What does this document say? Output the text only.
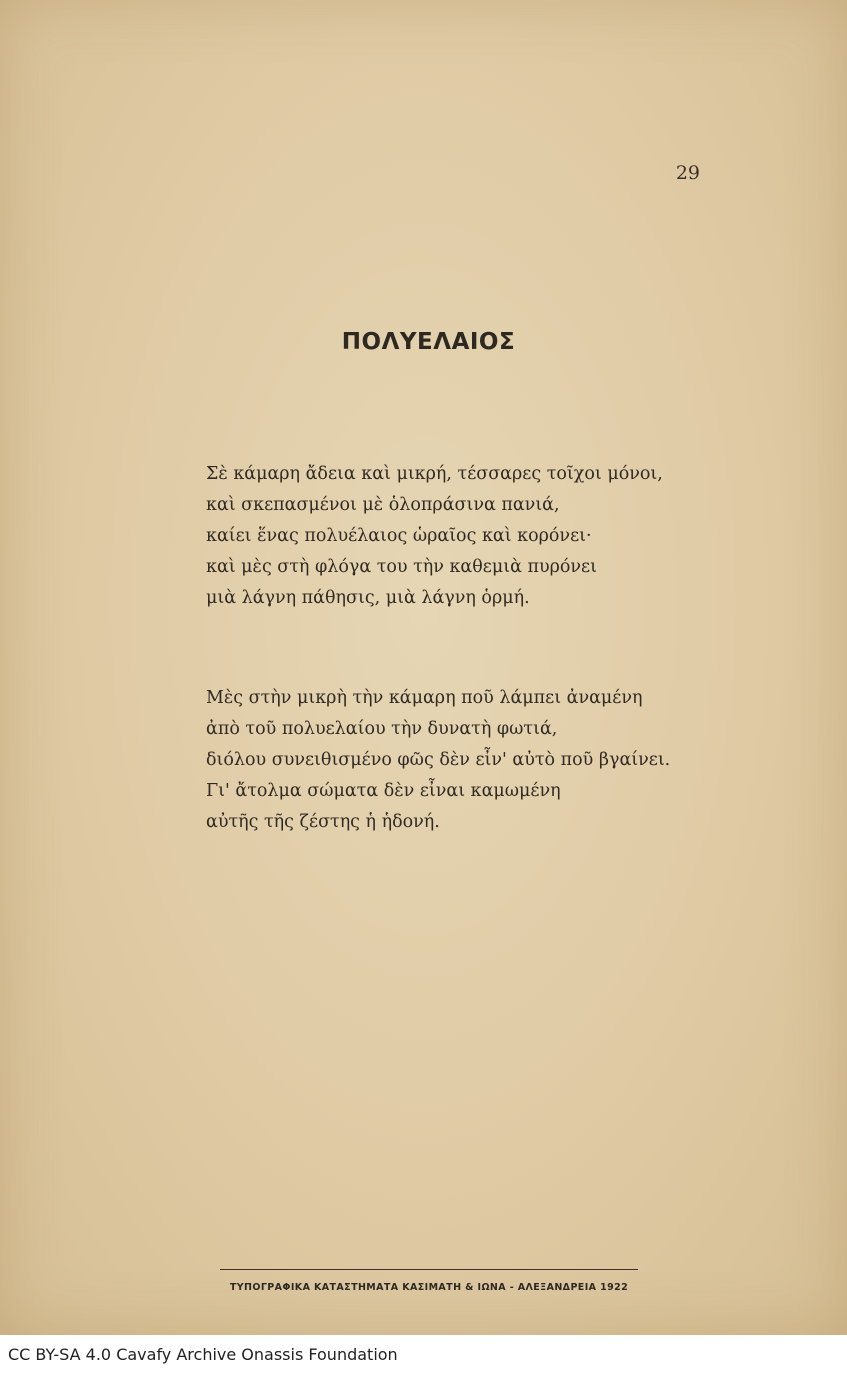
29
ΠΟΛΥΕΛΑΙΟΣ
Σὲ κάμαρη ἄδεια καὶ μικρή, τέσσαρες τοῖχοι μόνοι,
καὶ σκεπασμένοι μὲ ὁλοπράσινα πανιά,
καίει ἕνας πολυέλαιος ὡραῖος καὶ κορόνει·
καὶ μὲς στὴ φλόγα του τὴν καθεμιὰ πυρόνει
μιὰ λάγνη πάθησις, μιὰ λάγνη ὁρμή.
Μὲς στὴν μικρὴ τὴν κάμαρη ποῦ λάμπει ἀναμένη
ἀπὸ τοῦ πολυελαίου τὴν δυνατὴ φωτιά,
διόλου συνειθισμένο φῶς δὲν εἶν' αὐτὸ ποῦ βγαίνει.
Γι' ἄτολμα σώματα δὲν εἶναι καμωμένη
αὐτῆς τῆς ζέστης ἡ ἡδονή.
ΤΥΠΟΓΡΑΦΙΚΑ ΚΑΤΑΣΤΗΜΑΤΑ ΚΑΣΙΜΑΤΗ & ΙΩΝΑ - ΑΛΕΞΑΝΔΡΕΙΑ 1922
CC BY-SA 4.0 Cavafy Archive Onassis Foundation
